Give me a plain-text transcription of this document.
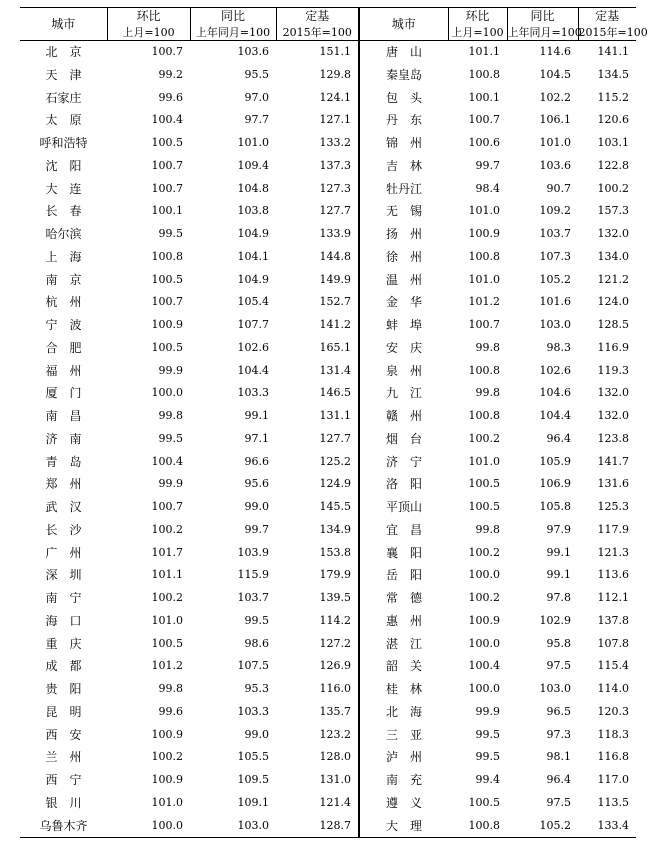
城市	环比	同比	定基	城市	环比	同比	定基
	上月=100	上年同月=100	2015年=100		上月=100	上年同月=100	2015年=100
北　京	100.7	103.6	151.1	唐　山	101.1	114.6	141.1
天　津	99.2	95.5	129.8	秦皇岛	100.8	104.5	134.5
石家庄	99.6	97.0	124.1	包　头	100.1	102.2	115.2
太　原	100.4	97.7	127.1	丹　东	100.7	106.1	120.6
呼和浩特	100.5	101.0	133.2	锦　州	100.6	101.0	103.1
沈　阳	100.7	109.4	137.3	吉　林	99.7	103.6	122.8
大　连	100.7	104.8	127.3	牡丹江	98.4	90.7	100.2
长　春	100.1	103.8	127.7	无　锡	101.0	109.2	157.3
哈尔滨	99.5	104.9	133.9	扬　州	100.9	103.7	132.0
上　海	100.8	104.1	144.8	徐　州	100.8	107.3	134.0
南　京	100.5	104.9	149.9	温　州	101.0	105.2	121.2
杭　州	100.7	105.4	152.7	金　华	101.2	101.6	124.0
宁　波	100.9	107.7	141.2	蚌　埠	100.7	103.0	128.5
合　肥	100.5	102.6	165.1	安　庆	99.8	98.3	116.9
福　州	99.9	104.4	131.4	泉　州	100.8	102.6	119.3
厦　门	100.0	103.3	146.5	九　江	99.8	104.6	132.0
南　昌	99.8	99.1	131.1	赣　州	100.8	104.4	132.0
济　南	99.5	97.1	127.7	烟　台	100.2	96.4	123.8
青　岛	100.4	96.6	125.2	济　宁	101.0	105.9	141.7
郑　州	99.9	95.6	124.9	洛　阳	100.5	106.9	131.6
武　汉	100.7	99.0	145.5	平顶山	100.5	105.8	125.3
长　沙	100.2	99.7	134.9	宜　昌	99.8	97.9	117.9
广　州	101.7	103.9	153.8	襄　阳	100.2	99.1	121.3
深　圳	101.1	115.9	179.9	岳　阳	100.0	99.1	113.6
南　宁	100.2	103.7	139.5	常　德	100.2	97.8	112.1
海　口	101.0	99.5	114.2	惠　州	100.9	102.9	137.8
重　庆	100.5	98.6	127.2	湛　江	100.0	95.8	107.8
成　都	101.2	107.5	126.9	韶　关	100.4	97.5	115.4
贵　阳	99.8	95.3	116.0	桂　林	100.0	103.0	114.0
昆　明	99.6	103.3	135.7	北　海	99.9	96.5	120.3
西　安	100.9	99.0	123.2	三　亚	99.5	97.3	118.3
兰　州	100.2	105.5	128.0	泸　州	99.5	98.1	116.8
西　宁	100.9	109.5	131.0	南　充	99.4	96.4	117.0
银　川	101.0	109.1	121.4	遵　义	100.5	97.5	113.5
乌鲁木齐	100.0	103.0	128.7	大　理	100.8	105.2	133.4
